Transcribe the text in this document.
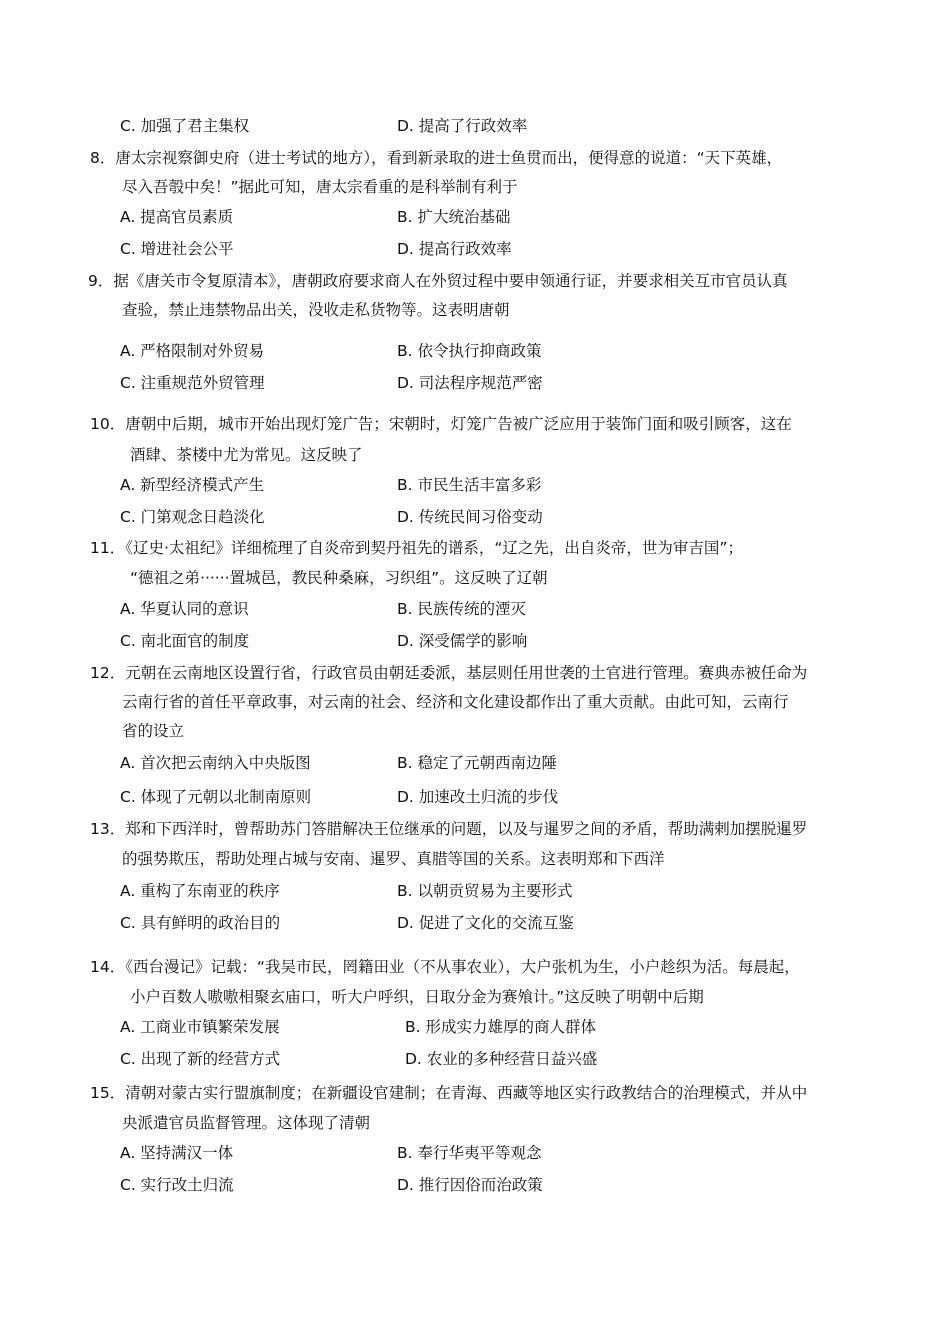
C. 加强了君主集权	D. 提高了行政效率
8．唐太宗视察御史府（进士考试的地方），看到新录取的进士鱼贯而出，便得意的说道：“天下英雄，
尽入吾彀中矣！”据此可知，唐太宗看重的是科举制有利于
A. 提高官员素质	B. 扩大统治基础
C. 增进社会公平	D. 提高行政效率
9．据《唐关市令复原清本》，唐朝政府要求商人在外贸过程中要申领通行证，并要求相关互市官员认真
查验，禁止违禁物品出关，没收走私货物等。这表明唐朝
A. 严格限制对外贸易	B. 依令执行抑商政策
C. 注重规范外贸管理	D. 司法程序规范严密
10．唐朝中后期，城市开始出现灯笼广告；宋朝时，灯笼广告被广泛应用于装饰门面和吸引顾客，这在
酒肆、茶楼中尤为常见。这反映了
A. 新型经济模式产生	B. 市民生活丰富多彩
C. 门第观念日趋淡化	D. 传统民间习俗变动
11．《辽史·太祖纪》详细梳理了自炎帝到契丹祖先的谱系，“辽之先，出自炎帝，世为审吉国”；
“德祖之弟······置城邑，教民种桑麻，习织组”。这反映了辽朝
A. 华夏认同的意识	B. 民族传统的湮灭
C. 南北面官的制度	D. 深受儒学的影响
12．元朝在云南地区设置行省，行政官员由朝廷委派，基层则任用世袭的土官进行管理。赛典赤被任命为
云南行省的首任平章政事，对云南的社会、经济和文化建设都作出了重大贡献。由此可知，云南行
省的设立
A. 首次把云南纳入中央版图	B. 稳定了元朝西南边陲
C. 体现了元朝以北制南原则	D. 加速改土归流的步伐
13．郑和下西洋时，曾帮助苏门答腊解决王位继承的问题，以及与暹罗之间的矛盾，帮助满剌加摆脱暹罗
的强势欺压，帮助处理占城与安南、暹罗、真腊等国的关系。这表明郑和下西洋
A. 重构了东南亚的秩序	B. 以朝贡贸易为主要形式
C. 具有鲜明的政治目的	D. 促进了文化的交流互鉴
14．《西台漫记》记载：“我吴市民，罔籍田业（不从事农业），大户张机为生，小户趁织为活。每晨起，
小户百数人嗷嗷相聚玄庙口，听大户呼织，日取分金为赛飧计。”这反映了明朝中后期
A. 工商业市镇繁荣发展	B. 形成实力雄厚的商人群体
C. 出现了新的经营方式	D. 农业的多种经营日益兴盛
15．清朝对蒙古实行盟旗制度；在新疆设官建制；在青海、西藏等地区实行政教结合的治理模式，并从中
央派遣官员监督管理。这体现了清朝
A. 坚持满汉一体	B. 奉行华夷平等观念
C. 实行改土归流	D. 推行因俗而治政策
